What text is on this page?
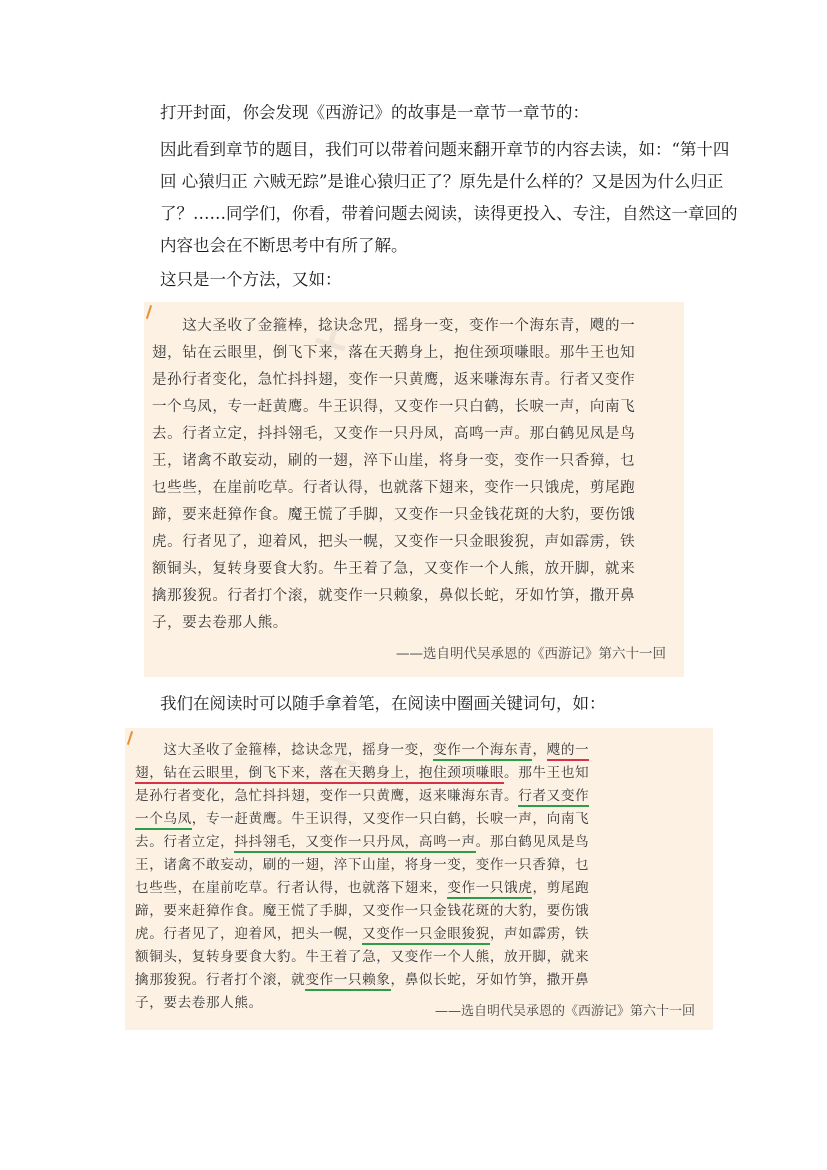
打开封面，你会发现《西游记》的故事是一章节一章节的：

因此看到章节的题目，我们可以带着问题来翻开章节的内容去读，如：“第十四回 心猿归正 六贼无踪”是谁心猿归正了？原先是什么样的？又是因为什么归正了？……同学们，你看，带着问题去阅读，读得更投入、专注，自然这一章回的内容也会在不断思考中有所了解。

这只是一个方法，又如：

✕
　　这大圣收了金箍棒，捻诀念咒，摇身一变，变作一个海东青，飕的一
翅，钻在云眼里，倒飞下来，落在天鹅身上，抱住颈项嗛眼。那牛王也知
是孙行者变化，急忙抖抖翅，变作一只黄鹰，返来嗛海东青。行者又变作
一个乌凤，专一赶黄鹰。牛王识得，又变作一只白鹤，长唳一声，向南飞
去。行者立定，抖抖翎毛，又变作一只丹凤，高鸣一声。那白鹤见凤是鸟
王，诸禽不敢妄动，刷的一翅，淬下山崖，将身一变，变作一只香獐，乜
乜些些，在崖前吃草。行者认得，也就落下翅来，变作一只饿虎，剪尾跑
蹄，要来赶獐作食。魔王慌了手脚，又变作一只金钱花斑的大豹，要伤饿
虎。行者见了，迎着风，把头一幌，又变作一只金眼狻猊，声如霹雳，铁
额铜头，复转身要食大豹。牛王着了急，又变作一个人熊，放开脚，就来
擒那狻猊。行者打个滚，就变作一只赖象，鼻似长蛇，牙如竹笋，撒开鼻
子，要去卷那人熊。
——选自明代吴承恩的《西游记》第六十一回

我们在阅读时可以随手拿着笔，在阅读中圈画关键词句，如：

✕
　　这大圣收了金箍棒，捻诀念咒，摇身一变，变作一个海东青，飕的一
翅，钻在云眼里，倒飞下来，落在天鹅身上，抱住颈项嗛眼。那牛王也知
是孙行者变化，急忙抖抖翅，变作一只黄鹰，返来嗛海东青。行者又变作
一个乌凤，专一赶黄鹰。牛王识得，又变作一只白鹤，长唳一声，向南飞
去。行者立定，抖抖翎毛，又变作一只丹凤，高鸣一声。那白鹤见凤是鸟
王，诸禽不敢妄动，刷的一翅，淬下山崖，将身一变，变作一只香獐，乜
乜些些，在崖前吃草。行者认得，也就落下翅来，变作一只饿虎，剪尾跑
蹄，要来赶獐作食。魔王慌了手脚，又变作一只金钱花斑的大豹，要伤饿
虎。行者见了，迎着风，把头一幌，又变作一只金眼狻猊，声如霹雳，铁
额铜头，复转身要食大豹。牛王着了急，又变作一个人熊，放开脚，就来
擒那狻猊。行者打个滚，就变作一只赖象，鼻似长蛇，牙如竹笋，撒开鼻
子，要去卷那人熊。
——选自明代吴承恩的《西游记》第六十一回
